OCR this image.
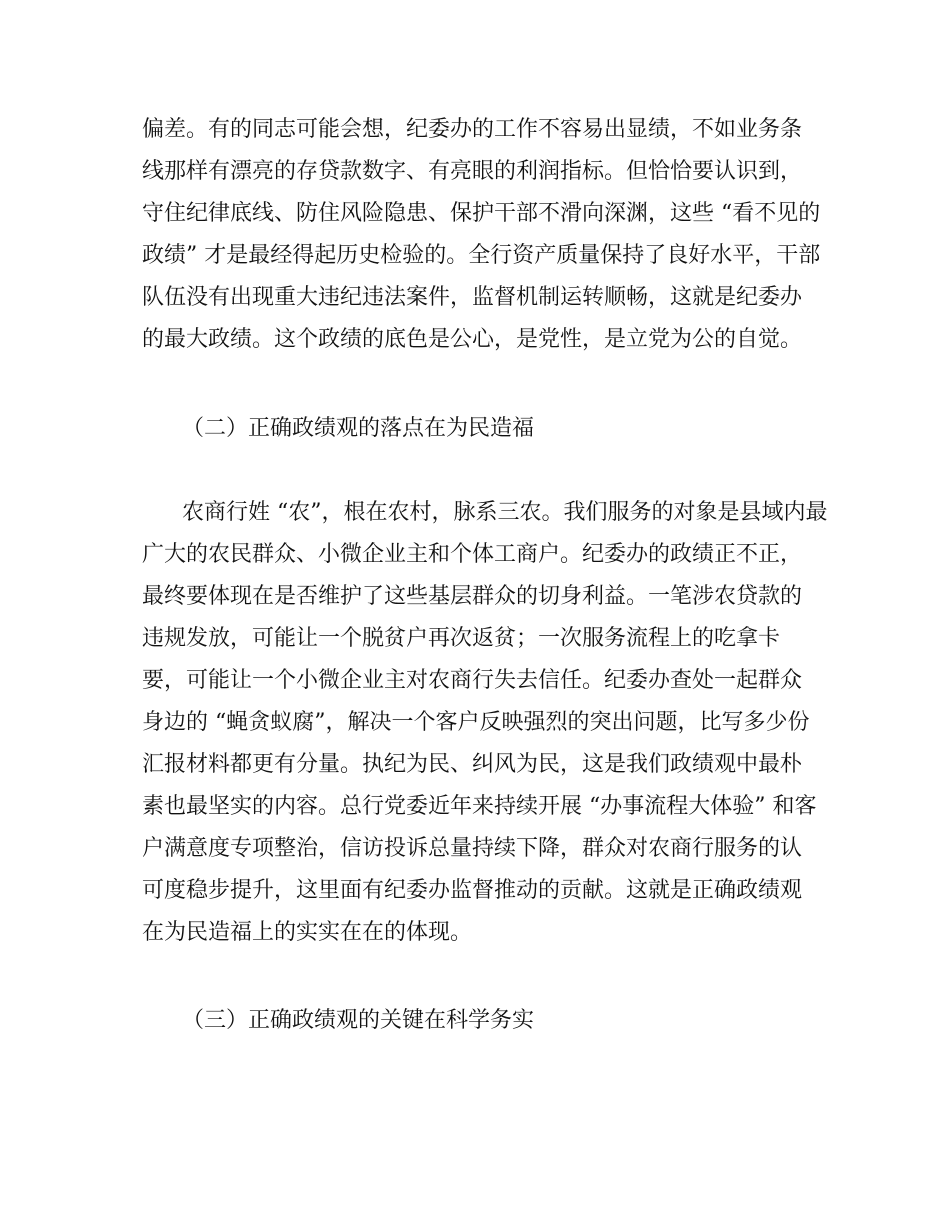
偏差。有的同志可能会想，纪委办的工作不容易出显绩，不如业务条
线那样有漂亮的存贷款数字、有亮眼的利润指标。但恰恰要认识到，
守住纪律底线、防住风险隐患、保护干部不滑向深渊，这些 “看不见的
政绩” 才是最经得起历史检验的。全行资产质量保持了良好水平，干部
队伍没有出现重大违纪违法案件，监督机制运转顺畅，这就是纪委办
的最大政绩。这个政绩的底色是公心，是党性，是立党为公的自觉。
（二）正确政绩观的落点在为民造福
农商行姓 “农”，根在农村，脉系三农。我们服务的对象是县域内最
广大的农民群众、小微企业主和个体工商户。纪委办的政绩正不正，
最终要体现在是否维护了这些基层群众的切身利益。一笔涉农贷款的
违规发放，可能让一个脱贫户再次返贫；一次服务流程上的吃拿卡
要，可能让一个小微企业主对农商行失去信任。纪委办查处一起群众
身边的 “蝇贪蚁腐”，解决一个客户反映强烈的突出问题，比写多少份
汇报材料都更有分量。执纪为民、纠风为民，这是我们政绩观中最朴
素也最坚实的内容。总行党委近年来持续开展 “办事流程大体验” 和客
户满意度专项整治，信访投诉总量持续下降，群众对农商行服务的认
可度稳步提升，这里面有纪委办监督推动的贡献。这就是正确政绩观
在为民造福上的实实在在的体现。
（三）正确政绩观的关键在科学务实
